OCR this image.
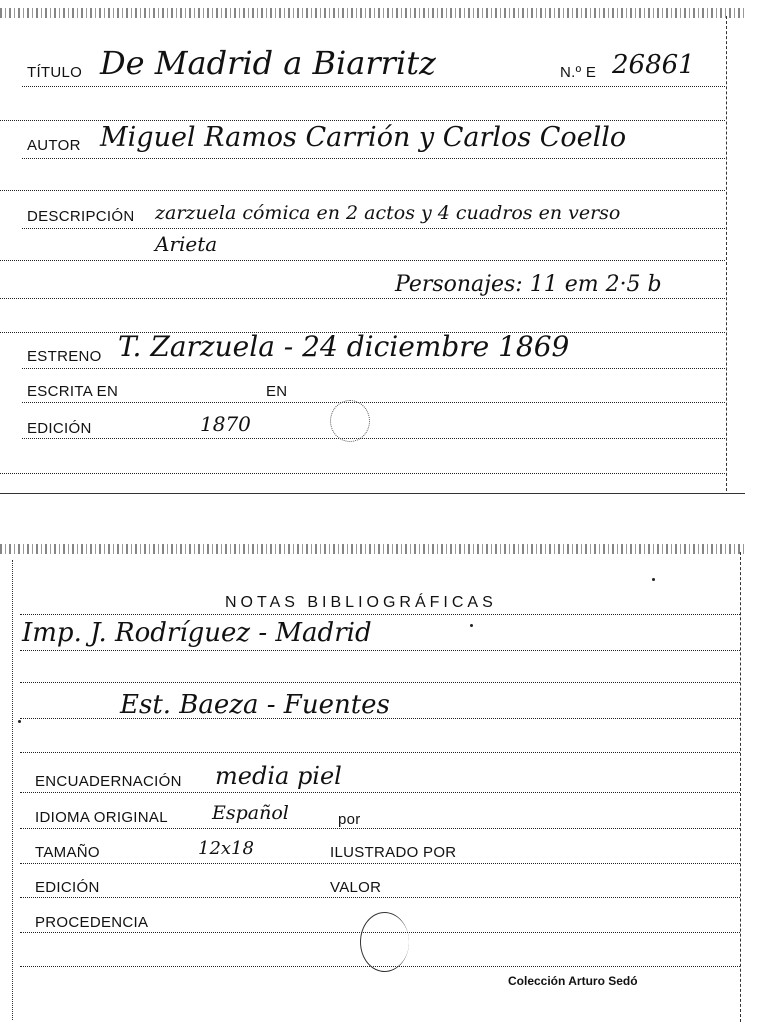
TÍTULO De Madrid a Biarritz	N.º E 26861
AUTOR Miguel Ramos Carrión y Carlos Coello
DESCRIPCIÓN zarzuela cómica en 2 actos y 4 cuadros en verso
Arieta
Personajes: 11 em 2·5 b
ESTRENO T. Zarzuela - 24 diciembre 1869
ESCRITA EN	EN
EDICIÓN	1870
NOTAS BIBLIOGRÁFICAS
Imp. J. Rodríguez - Madrid
Est. Baeza - Fuentes
ENCUADERNACIÓN media piel
IDIOMA ORIGINAL Español	por
TAMAÑO	12x18	ILUSTRADO POR
EDICIÓN	VALOR
PROCEDENCIA
Colección Arturo Sedó
